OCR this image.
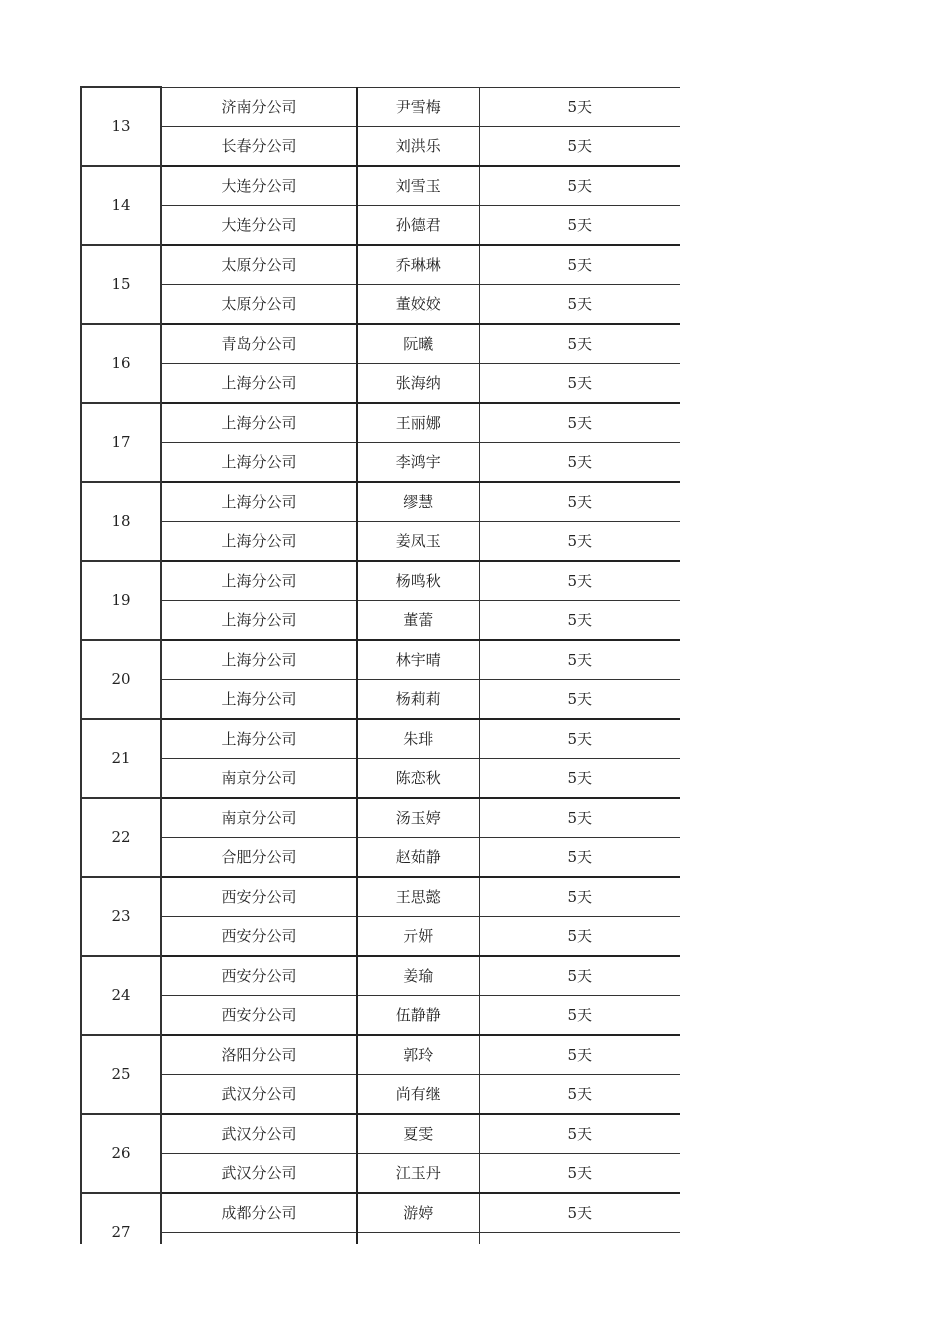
13	济南分公司	尹雪梅	5天
	长春分公司	刘洪乐	5天
14	大连分公司	刘雪玉	5天
	大连分公司	孙德君	5天
15	太原分公司	乔琳琳	5天
	太原分公司	董姣姣	5天
16	青岛分公司	阮曦	5天
	上海分公司	张海纳	5天
17	上海分公司	王丽娜	5天
	上海分公司	李鸿宇	5天
18	上海分公司	缪慧	5天
	上海分公司	姜凤玉	5天
19	上海分公司	杨鸣秋	5天
	上海分公司	董蕾	5天
20	上海分公司	林宇晴	5天
	上海分公司	杨莉莉	5天
21	上海分公司	朱琲	5天
	南京分公司	陈恋秋	5天
22	南京分公司	汤玉婷	5天
	合肥分公司	赵茹静	5天
23	西安分公司	王思懿	5天
	西安分公司	亓妍	5天
24	西安分公司	姜瑜	5天
	西安分公司	伍静静	5天
25	洛阳分公司	郭玲	5天
	武汉分公司	尚有继	5天
26	武汉分公司	夏雯	5天
	武汉分公司	江玉丹	5天
27	成都分公司	游婷	5天
